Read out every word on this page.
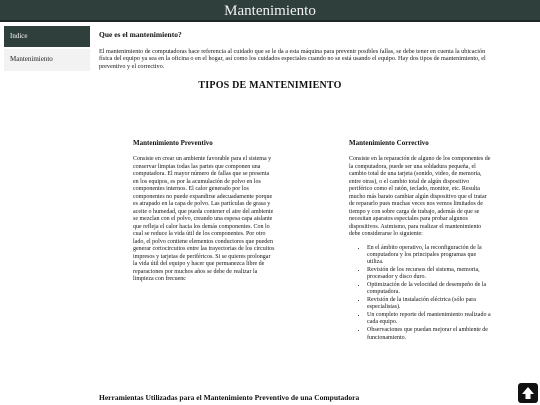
Mantenimiento
Indice
Mantenimiento
Que es el mantenimiento?

El mantenimiento de computadoras hace referencia al cuidado que se le da a esta máquina para prevenir posibles fallas, se debe tener en cuenta la ubicación física del equipo ya sea en la oficina o en el hogar, así como los cuidados especiales cuando no se está usando el equipo. Hay dos tipos de mantenimiento, el preventivo y el correctivo.

TIPOS DE MANTENIMIENTO
Mantenimiento Preventivo

Consiste en crear un ambiente favorable para el sistema y conservar limpias todas las partes que componen una computadora. El mayor número de fallas que se presenta en los equipos, es por la acumulación de polvo en los componentes internos. El calor generado por los componentes no puede expandirse adecuadamente porque es atrapado en la capa de polvo. Las partículas de grasa y aceite o humedad, que pueda contener el aire del ambiente se mezclan con el polvo, creando una espesa capa aislante que refleja el calor hacia los demás componentes. Con lo cual se reduce la vida útil de los componentes. Por otro lado, el polvo contiene elementos conductores que pueden generar cortocircuitos entre las trayectorias de los circuitos impresos y tarjetas de periféricos. Si se quieres prolongar la vida útil del equipo y hacer que permanezca libre de reparaciones por muchos años se debe de realizar la limpieza con frecuenc

Mantenimiento Correctivo

Consiste en la reparación de alguno de los componentes de la computadora, puede ser una soldadura pequeña, el cambio total de una tarjeta (sonido, video, de memoria, entre otras), o el cambio total de algún dispositivo periférico como el ratón, teclado, monitor, etc. Resulta mucho más barato cambiar algún dispositivo que el tratar de repararlo pues muchas veces nos vemos limitados de tiempo y con sobre carga de trabajo, además de que se necesitan aparatos especiales para probar algunos dispositivos. Asimismo, para realizar el mantenimiento debe considerarse lo siguiente:

• En el ámbito operativo, la reconfiguración de la computadora y los principales programas que utiliza.
• Revisión de los recursos del sistema, memoria, procesador y disco duro.
• Optimización de la velocidad de desempeño de la computadora.
• Revisión de la instalación eléctrica (sólo para especialistas).
• Un completo reporte del mantenimiento realizado a cada equipo.
• Observaciones que puedan mejorar el ambiente de funcionamiento.
Herramientas Utilizadas para el Mantenimiento Preventivo de una Computadora
